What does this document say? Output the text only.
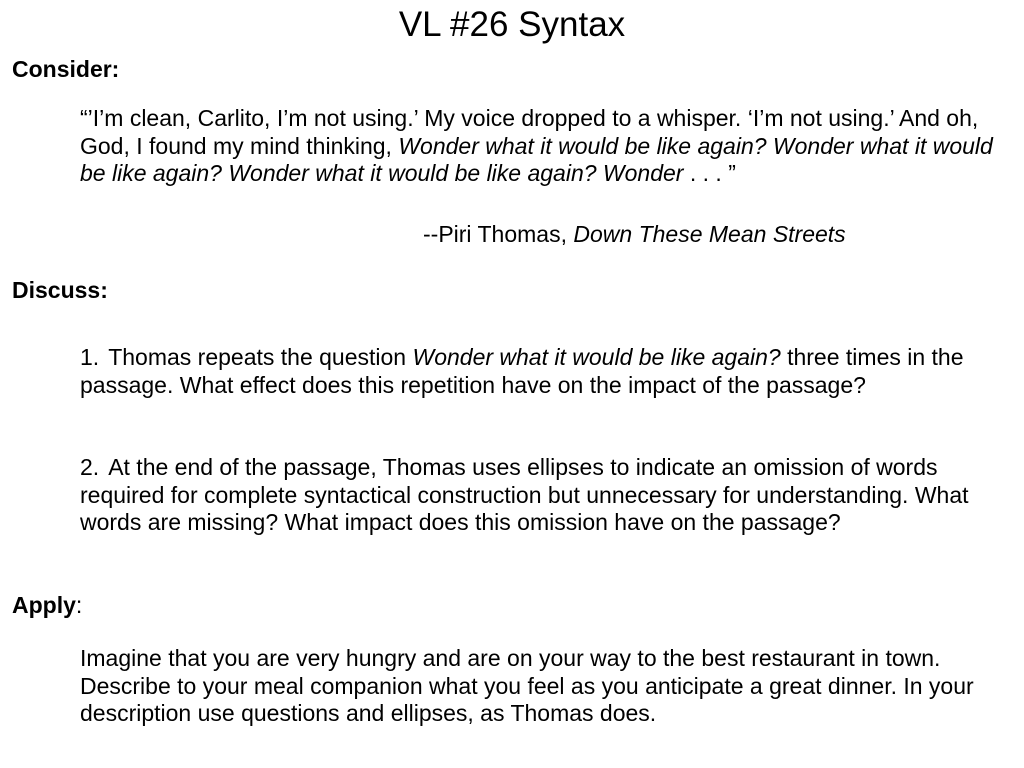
VL #26 Syntax
Consider:
“’I’m clean, Carlito, I’m not using.’ My voice dropped to a whisper. ‘I’m not using.’ And oh, God, I found my mind thinking, Wonder what it would be like again? Wonder what it would be like again? Wonder what it would be like again? Wonder . . . ”
--Piri Thomas, Down These Mean Streets
Discuss:
1. Thomas repeats the question Wonder what it would be like again? three times in the passage. What effect does this repetition have on the impact of the passage?
2. At the end of the passage, Thomas uses ellipses to indicate an omission of words required for complete syntactical construction but unnecessary for understanding. What words are missing? What impact does this omission have on the passage?
Apply:
Imagine that you are very hungry and are on your way to the best restaurant in town. Describe to your meal companion what you feel as you anticipate a great dinner. In your description use questions and ellipses, as Thomas does.
